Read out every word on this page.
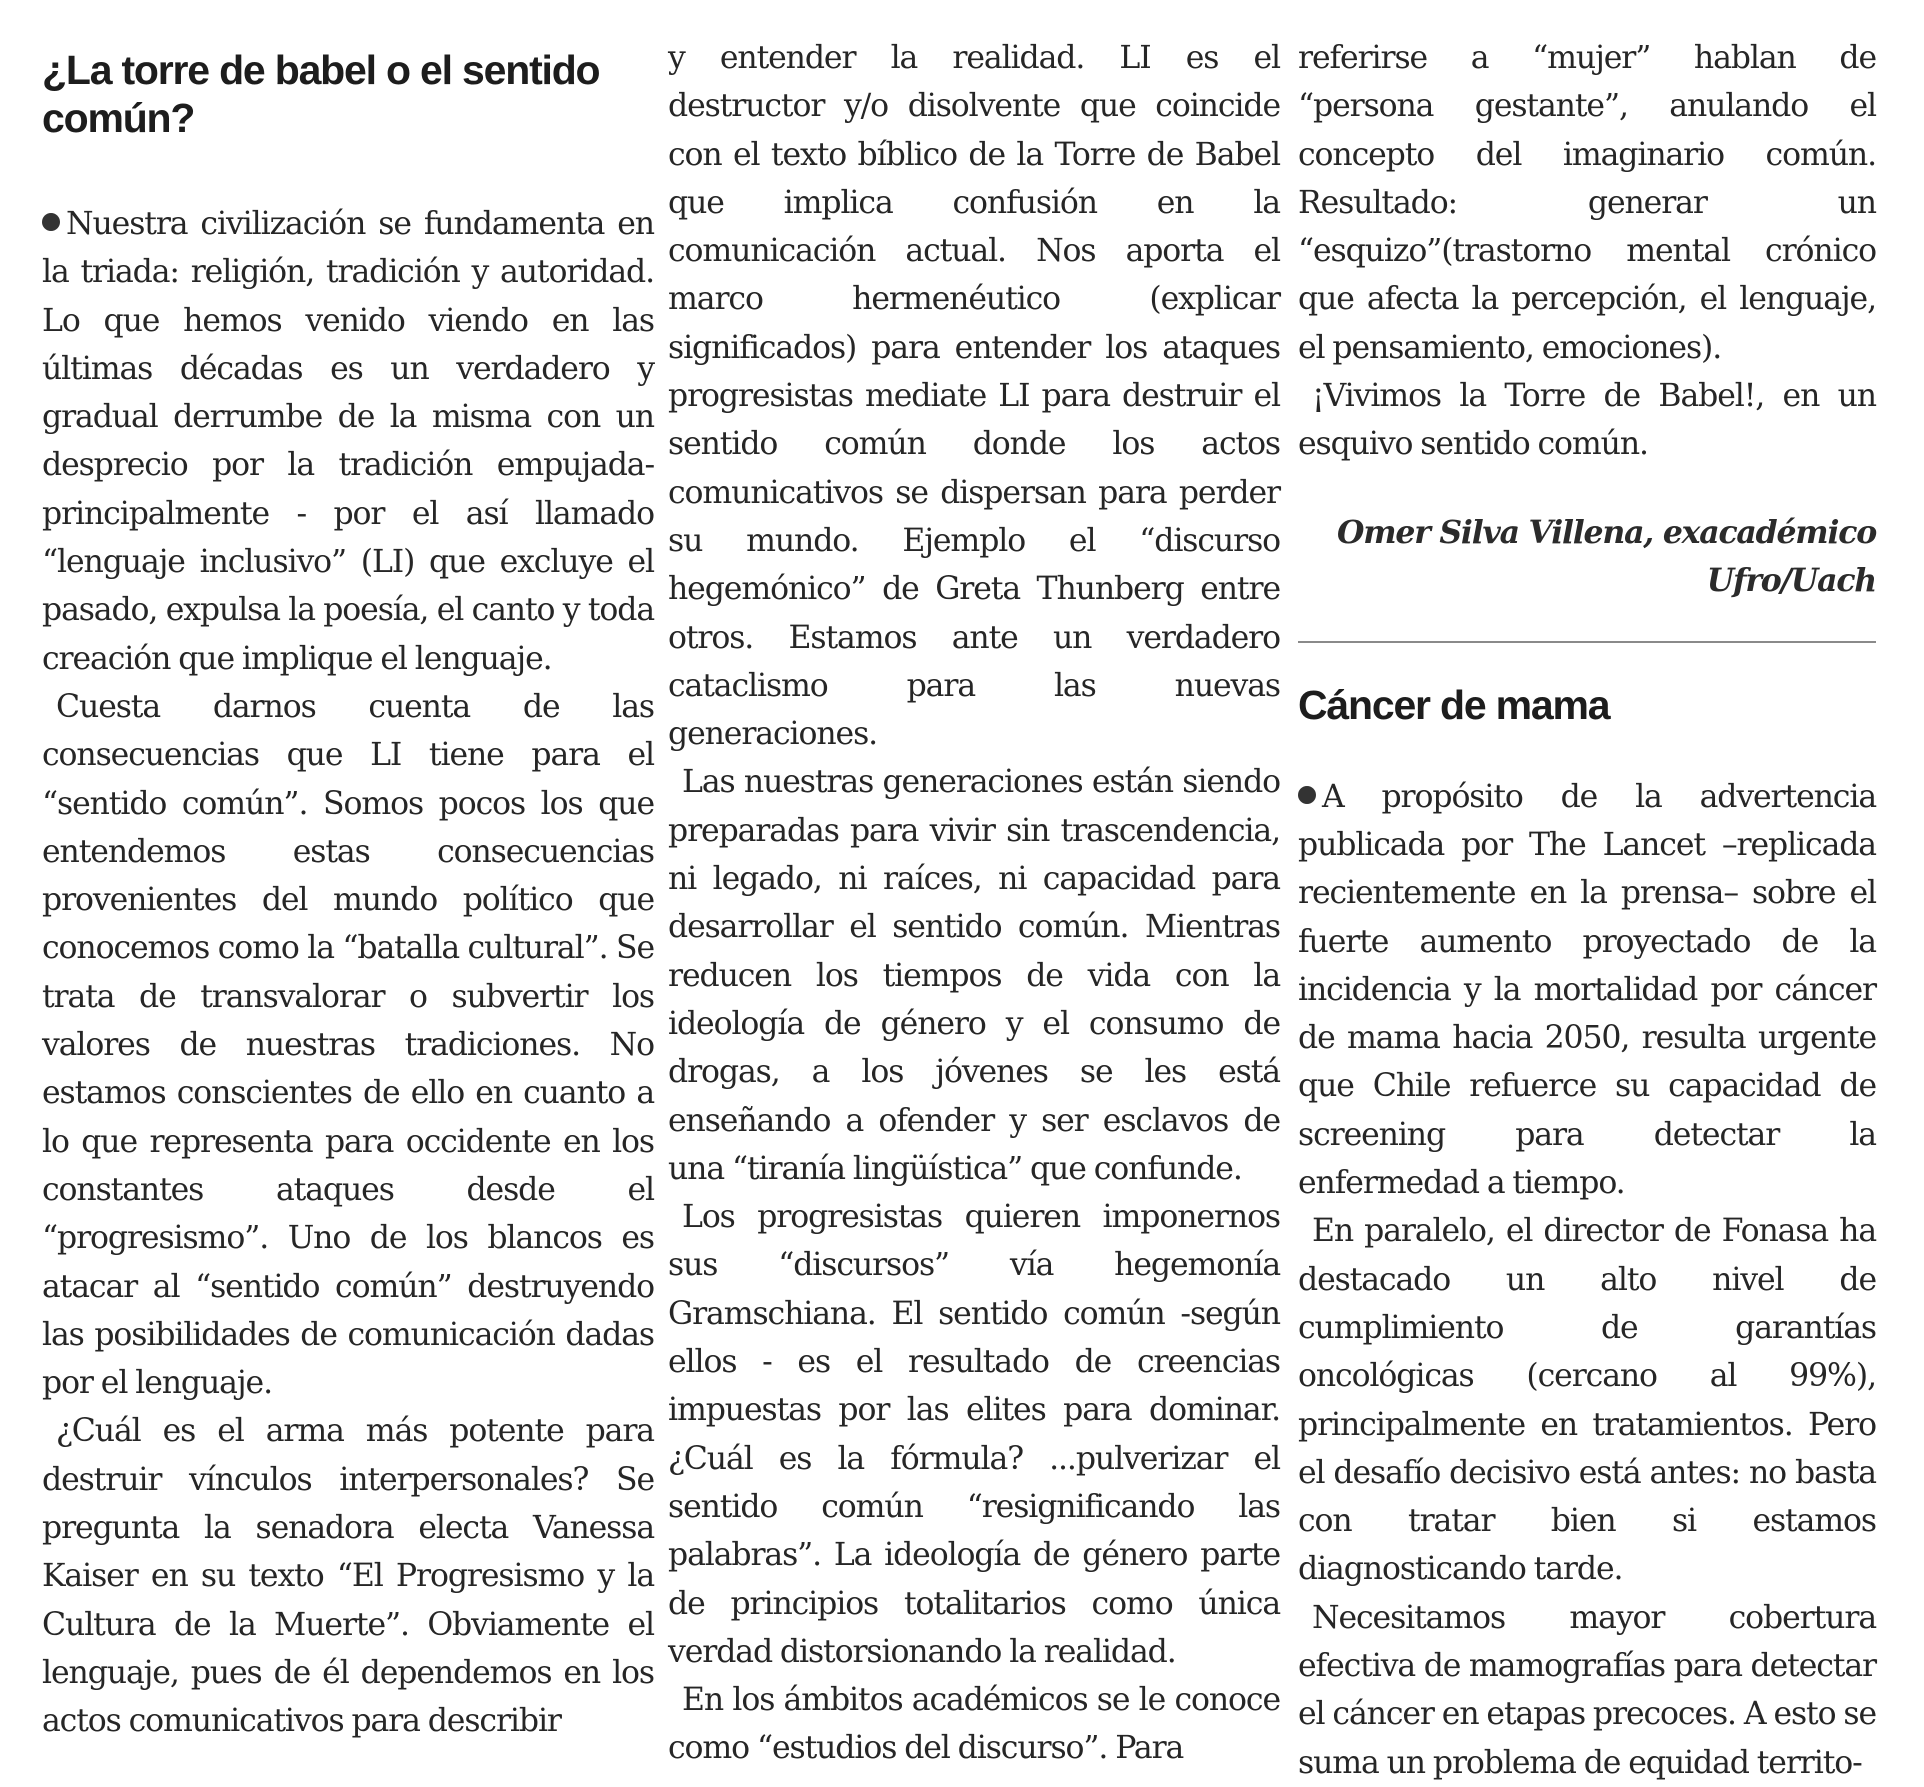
¿La torre de babel o el sentido común?

Nuestra civilización se fundamenta en la triada: religión, tradición y autoridad. Lo que hemos venido viendo en las últimas décadas es un verdadero y gradual derrumbe de la misma con un desprecio por la tradición empujada- principalmente - por el así llamado “lenguaje inclusivo” (LI) que excluye el pasado, expulsa la poesía, el canto y toda creación que implique el lenguaje.

Cuesta darnos cuenta de las consecuencias que LI tiene para el “sentido común”. Somos pocos los que entendemos estas consecuencias provenientes del mundo político que conocemos como la “batalla cultural”. Se trata de transvalorar o subvertir los valores de nuestras tradiciones. No estamos conscientes de ello en cuanto a lo que representa para occidente en los constantes ataques desde el “progresismo”. Uno de los blancos es atacar al “sentido común” destruyendo las posibilidades de comunicación dadas por el lenguaje.

¿Cuál es el arma más potente para destruir vínculos interpersonales? Se pregunta la senadora electa Vanessa Kaiser en su texto “El Progresismo y la Cultura de la Muerte”. Obviamente el lenguaje, pues de él dependemos en los actos comunicativos para describir

y entender la realidad. LI es el destructor y/o disolvente que coincide con el texto bíblico de la Torre de Babel que implica confusión en la comunicación actual. Nos aporta el marco hermenéutico (explicar significados) para entender los ataques progresistas mediate LI para destruir el sentido común donde los actos comunicativos se dispersan para perder su mundo. Ejemplo el “discurso hegemónico” de Greta Thunberg entre otros. Estamos ante un verdadero cataclismo para las nuevas generaciones.

Las nuestras generaciones están siendo preparadas para vivir sin trascendencia, ni legado, ni raíces, ni capacidad para desarrollar el sentido común. Mientras reducen los tiempos de vida con la ideología de género y el consumo de drogas, a los jóvenes se les está enseñando a ofender y ser esclavos de una “tiranía lingüística” que confunde.

Los progresistas quieren imponernos sus “discursos” vía hegemonía Gramschiana. El sentido común -según ellos - es el resultado de creencias impuestas por las elites para dominar. ¿Cuál es la fórmula? ...pulverizar el sentido común “resignificando las palabras”. La ideología de género parte de principios totalitarios como única verdad distorsionando la realidad.

En los ámbitos académicos se le conoce como “estudios del discurso”. Para

referirse a “mujer” hablan de “persona gestante”, anulando el concepto del imaginario común. Resultado: generar un “esquizo”(trastorno mental crónico que afecta la percepción, el lenguaje, el pensamiento, emociones).

¡Vivimos la Torre de Babel!, en un esquivo sentido común.

Omer Silva Villena, exacadémico
Ufro/Uach
Cáncer de mama

A propósito de la advertencia publicada por The Lancet –replicada recientemente en la prensa– sobre el fuerte aumento proyectado de la incidencia y la mortalidad por cáncer de mama hacia 2050, resulta urgente que Chile refuerce su capacidad de screening para detectar la enfermedad a tiempo.

En paralelo, el director de Fonasa ha destacado un alto nivel de cumplimiento de garantías oncológicas (cercano al 99%), principalmente en tratamientos. Pero el desafío decisivo está antes: no basta con tratar bien si estamos diagnosticando tarde.

Necesitamos mayor cobertura efectiva de mamografías para detectar el cáncer en etapas precoces. A esto se suma un problema de equidad territo-
